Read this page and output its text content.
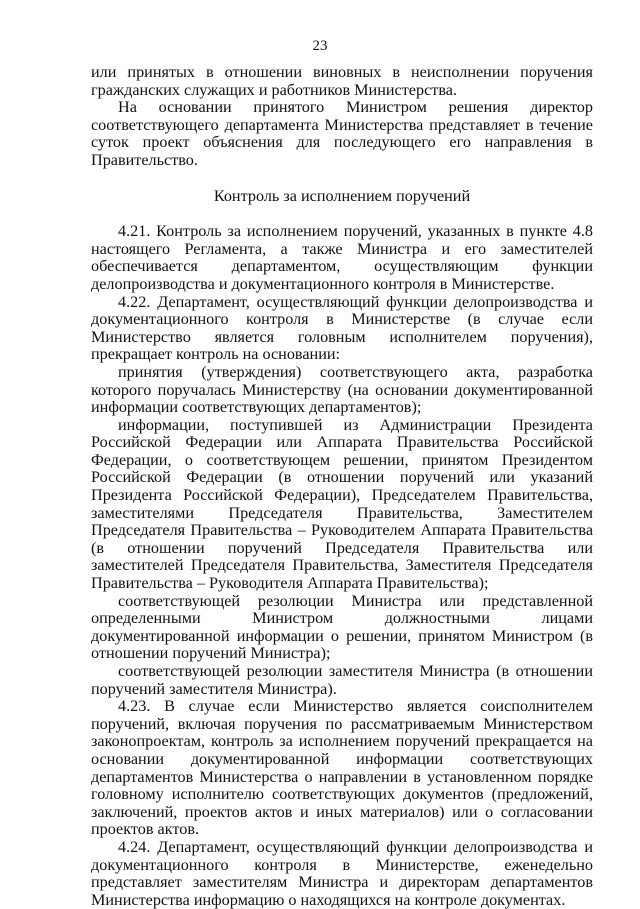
23

или принятых в отношении виновных в неисполнении поручения гражданских служащих и работников Министерства.

На основании принятого Министром решения директор соответствующего департамента Министерства представляет в течение суток проект объяснения для последующего его направления в Правительство.

Контроль за исполнением поручений

4.21. Контроль за исполнением поручений, указанных в пункте 4.8 настоящего Регламента, а также Министра и его заместителей обеспечивается департаментом, осуществляющим функции делопроизводства и документационного контроля в Министерстве.

4.22. Департамент, осуществляющий функции делопроизводства и документационного контроля в Министерстве (в случае если Министерство является головным исполнителем поручения), прекращает контроль на основании:

принятия (утверждения) соответствующего акта, разработка которого поручалась Министерству (на основании документированной информации соответствующих департаментов);

информации, поступившей из Администрации Президента Российской Федерации или Аппарата Правительства Российской Федерации, о соответствующем решении, принятом Президентом Российской Федерации (в отношении поручений или указаний Президента Российской Федерации), Председателем Правительства, заместителями Председателя Правительства, Заместителем Председателя Правительства – Руководителем Аппарата Правительства (в отношении поручений Председателя Правительства или заместителей Председателя Правительства, Заместителя Председателя Правительства – Руководителя Аппарата Правительства);

соответствующей резолюции Министра или представленной определенными Министром должностными лицами документированной информации о решении, принятом Министром (в отношении поручений Министра);

соответствующей резолюции заместителя Министра (в отношении поручений заместителя Министра).

4.23. В случае если Министерство является соисполнителем поручений, включая поручения по рассматриваемым Министерством законопроектам, контроль за исполнением поручений прекращается на основании документированной информации соответствующих департаментов Министерства о направлении в установленном порядке головному исполнителю соответствующих документов (предложений, заключений, проектов актов и иных материалов) или о согласовании проектов актов.

4.24. Департамент, осуществляющий функции делопроизводства и документационного контроля в Министерстве, еженедельно представляет заместителям Министра и директорам департаментов Министерства информацию о находящихся на контроле документах.
